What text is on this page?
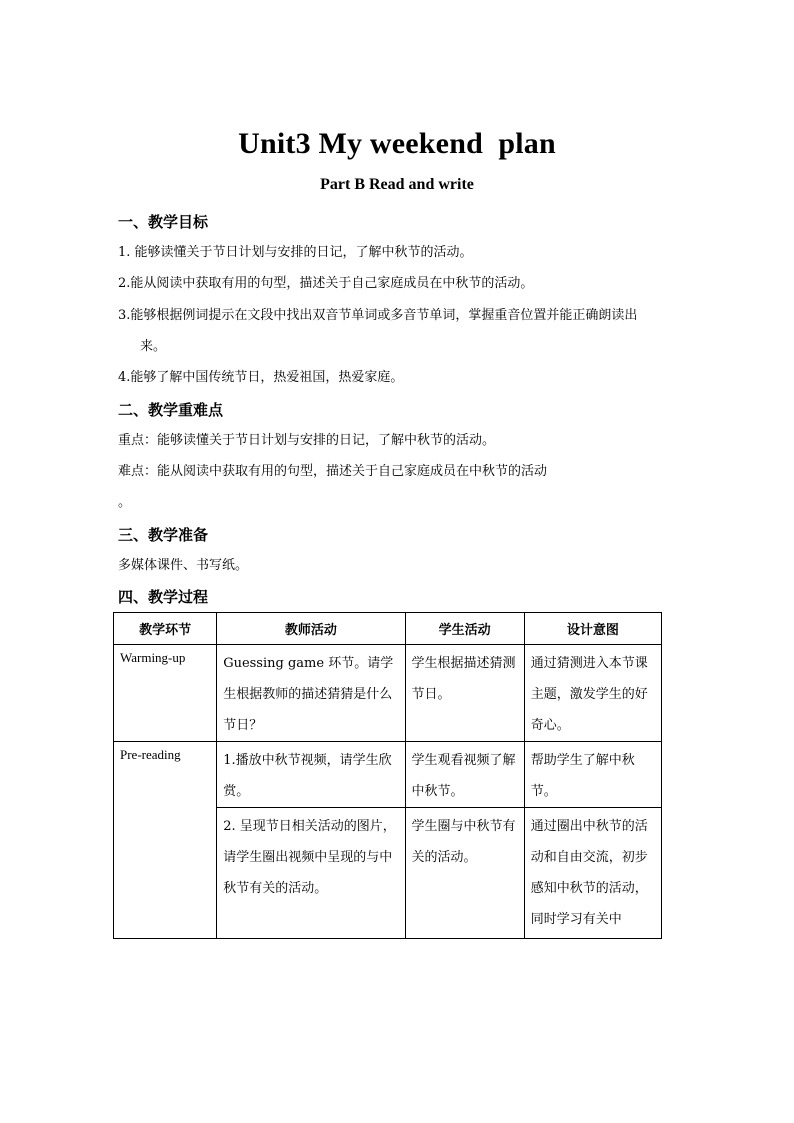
Unit3 My weekend  plan
Part B Read and write
一、教学目标
1. 能够读懂关于节日计划与安排的日记，了解中秋节的活动。
2.能从阅读中获取有用的句型，描述关于自己家庭成员在中秋节的活动。
3.能够根据例词提示在文段中找出双音节单词或多音节单词，掌握重音位置并能正确朗读出
来。
4.能够了解中国传统节日，热爱祖国，热爱家庭。
二、教学重难点
重点：能够读懂关于节日计划与安排的日记，了解中秋节的活动。
难点：能从阅读中获取有用的句型，描述关于自己家庭成员在中秋节的活动
。
三、教学准备
多媒体课件、书写纸。
四、教学过程
教学环节	教师活动	学生活动	设计意图

Warming-up	Guessing game 环节。请学生根据教师的描述猜猜是什么节日？	学生根据描述猜测节日。	通过猜测进入本节课主题，激发学生的好奇心。

Pre-reading	1.播放中秋节视频，请学生欣赏。	学生观看视频了解中秋节。	帮助学生了解中秋节。

	2. 呈现节日相关活动的图片，请学生圈出视频中呈现的与中秋节有关的活动。	学生圈与中秋节有关的活动。	通过圈出中秋节的活动和自由交流，初步感知中秋节的活动，同时学习有关中
